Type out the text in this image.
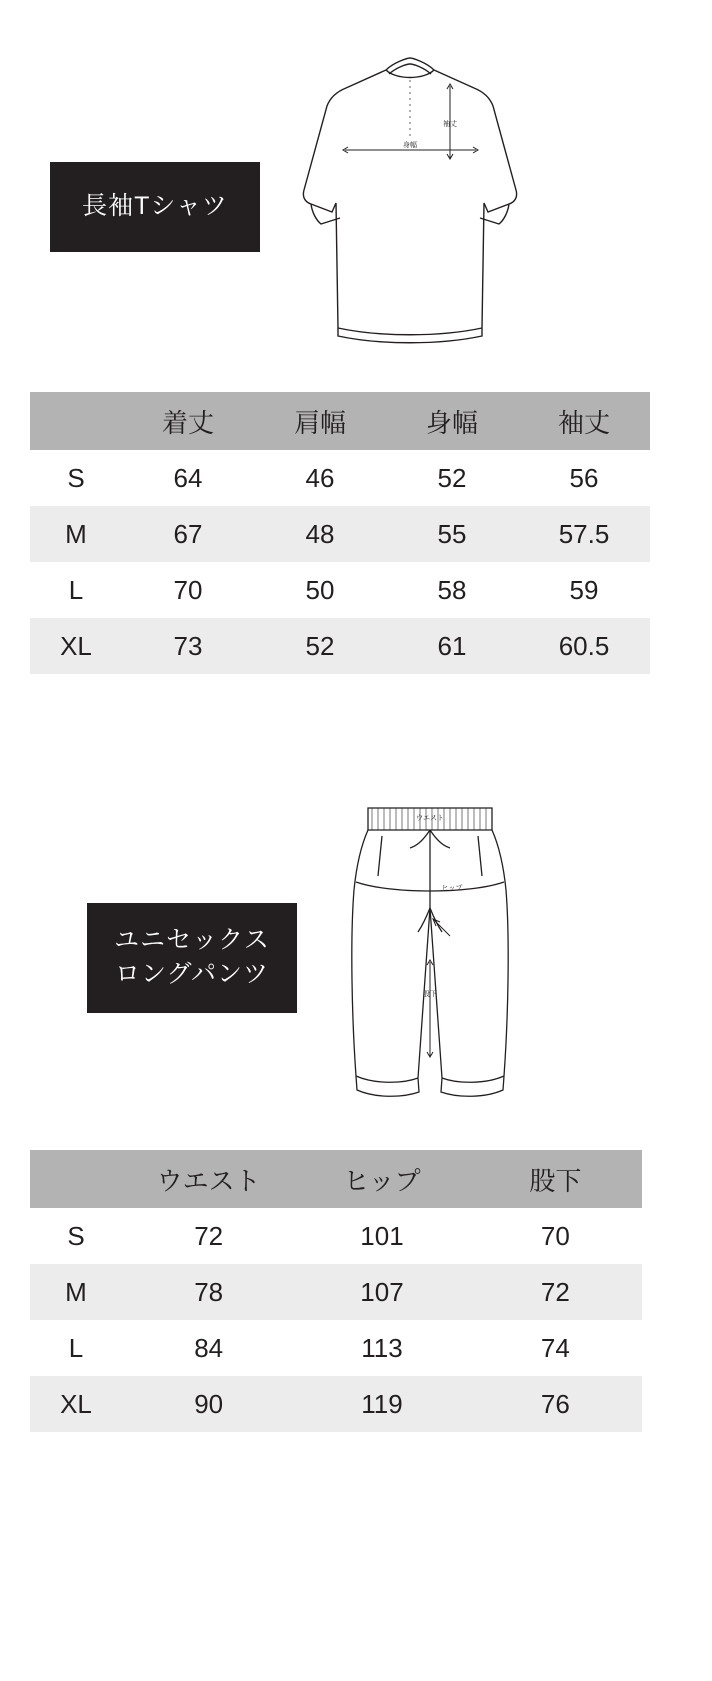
長袖Tシャツ
袖丈
身幅
	着丈	肩幅	身幅	袖丈
S	64	46	52	56
M	67	48	55	57.5
L	70	50	58	59
XL	73	52	61	60.5
ユニセックス
ロングパンツ
ウエスト
ヒップ
股下
	ウエスト	ヒップ	股下
S	72	101	70
M	78	107	72
L	84	113	74
XL	90	119	76
